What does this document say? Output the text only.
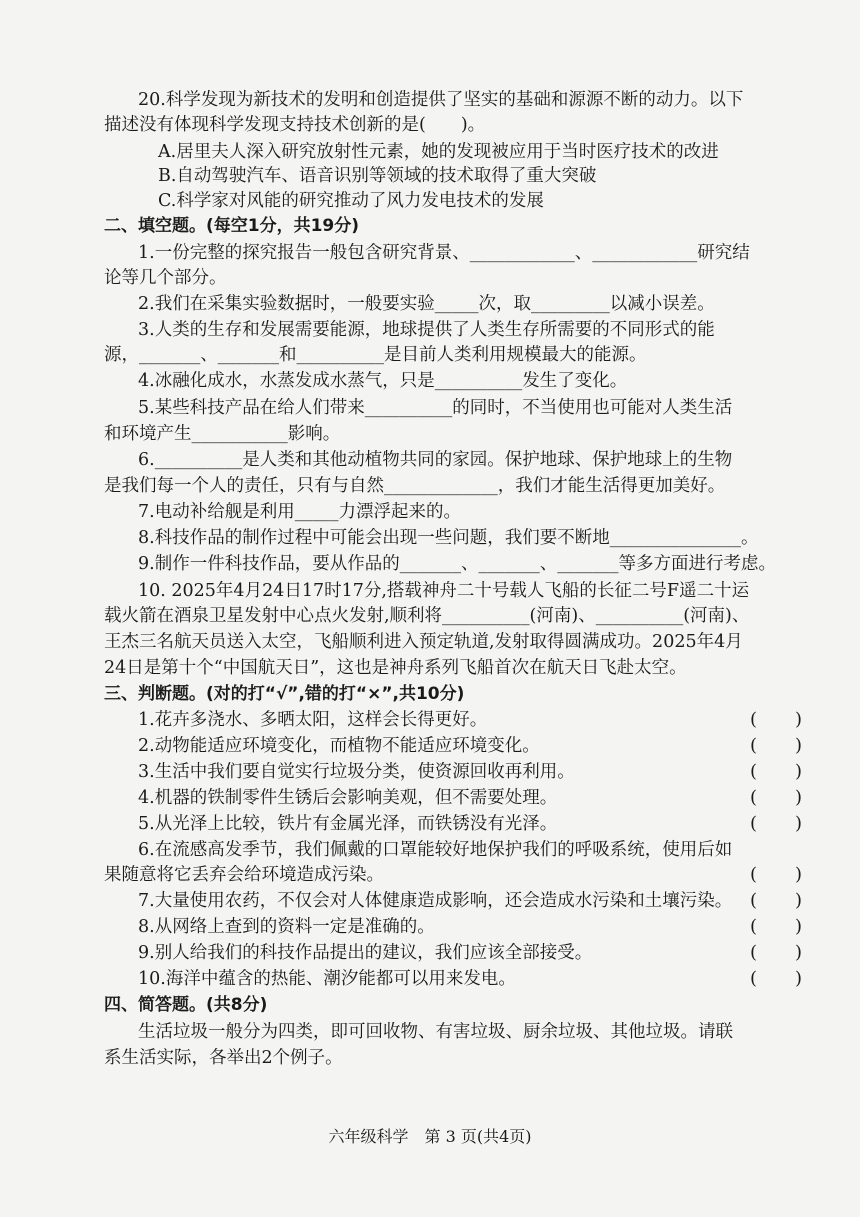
20.科学发现为新技术的发明和创造提供了坚实的基础和源源不断的动力。以下
描述没有体现科学发现支持技术创新的是(　　)。
A.居里夫人深入研究放射性元素，她的发现被应用于当时医疗技术的改进
B.自动驾驶汽车、语音识别等领域的技术取得了重大突破
C.科学家对风能的研究推动了风力发电技术的发展
二、填空题。(每空1分，共19分)
1.一份完整的探究报告一般包含研究背景、____________、____________研究结
论等几个部分。
2.我们在采集实验数据时，一般要实验_____次，取_________以减小误差。
3.人类的生存和发展需要能源，地球提供了人类生存所需要的不同形式的能
源，_______、_______和__________是目前人类利用规模最大的能源。
4.冰融化成水，水蒸发成水蒸气，只是__________发生了变化。
5.某些科技产品在给人们带来__________的同时，不当使用也可能对人类生活
和环境产生___________影响。
6.__________是人类和其他动植物共同的家园。保护地球、保护地球上的生物
是我们每一个人的责任，只有与自然_____________，我们才能生活得更加美好。
7.电动补给舰是利用_____力漂浮起来的。
8.科技作品的制作过程中可能会出现一些问题，我们要不断地_______________。
9.制作一件科技作品，要从作品的_______、_______、_______等多方面进行考虑。
10. 2025年4月24日17时17分,搭载神舟二十号载人飞船的长征二号F遥二十运
载火箭在酒泉卫星发射中心点火发射,顺利将__________(河南)、__________(河南)、
王杰三名航天员送入太空，飞船顺利进入预定轨道,发射取得圆满成功。2025年4月
24日是第十个“中国航天日”，这也是神舟系列飞船首次在航天日飞赴太空。
三、判断题。(对的打“√”,错的打“×”,共10分)
1.花卉多浇水、多晒太阳，这样会长得更好。	( )
2.动物能适应环境变化，而植物不能适应环境变化。	( )
3.生活中我们要自觉实行垃圾分类，使资源回收再利用。	( )
4.机器的铁制零件生锈后会影响美观，但不需要处理。	( )
5.从光泽上比较，铁片有金属光泽，而铁锈没有光泽。	( )
6.在流感高发季节，我们佩戴的口罩能较好地保护我们的呼吸系统，使用后如
果随意将它丢弃会给环境造成污染。	( )
7.大量使用农药，不仅会对人体健康造成影响，还会造成水污染和土壤污染。 ( )
8.从网络上查到的资料一定是准确的。	( )
9.别人给我们的科技作品提出的建议，我们应该全部接受。	( )
10.海洋中蕴含的热能、潮汐能都可以用来发电。	( )
四、简答题。(共8分)
生活垃圾一般分为四类，即可回收物、有害垃圾、厨余垃圾、其他垃圾。请联
系生活实际，各举出2个例子。
六年级科学　第 3 页(共4页)
